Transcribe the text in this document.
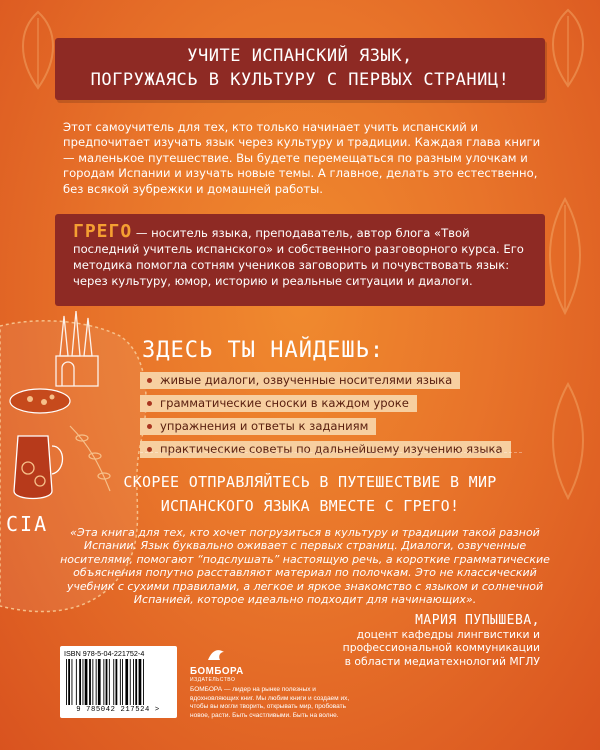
УЧИТЕ ИСПАНСКИЙ ЯЗЫК,
ПОГРУЖАЯСЬ В КУЛЬТУРУ С ПЕРВЫХ СТРАНИЦ!
Этот самоучитель для тех, кто только начинает учить испанский и предпочитает изучать язык через культуру и традиции. Каждая глава книги — маленькое путешествие. Вы будете перемещаться по разным улочкам и городам Испании и изучать новые темы. А главное, делать это естественно, без всякой зубрежки и домашней работы.
ГРЕГО — носитель языка, преподаватель, автор блога «Твой последний учитель испанского» и собственного разговорного курса. Его методика помогла сотням учеников заговорить и почувствовать язык: через культуру, юмор, историю и реальные ситуации и диалоги.
CIA
ЗДЕСЬ ТЫ НАЙДЕШЬ:
живые диалоги, озвученные носителями языка
грамматические сноски в каждом уроке
упражнения и ответы к заданиям
практические советы по дальнейшему изучению языка
СКОРЕЕ ОТПРАВЛЯЙТЕСЬ В ПУТЕШЕСТВИЕ В МИР
ИСПАНСКОГО ЯЗЫКА ВМЕСТЕ С ГРЕГО!
«Эта книга для тех, кто хочет погрузиться в культуру и традиции такой разной Испании. Язык буквально оживает с первых страниц. Диалоги, озвученные носителями, помогают “подслушать” настоящую речь, а короткие грамматические объяснения попутно расставляют материал по полочкам. Это не классический учебник с сухими правилами, а легкое и яркое знакомство с языком и солнечной Испанией, которое идеально подходит для начинающих».
МАРИЯ ПУПЫШЕВА,
доцент кафедры лингвистики и профессиональной коммуникации в области медиатехнологий МГЛУ
ISBN 978-5-04-221752-4
9 785042 217524 >
БОМБОРА
ИЗДАТЕЛЬСТВО
БОМБОРА — лидер на рынке полезных и вдохновляющих книг. Мы любим книги и создаем их, чтобы вы могли творить, открывать мир, пробовать новое, расти. Быть счастливыми. Быть на волне.
